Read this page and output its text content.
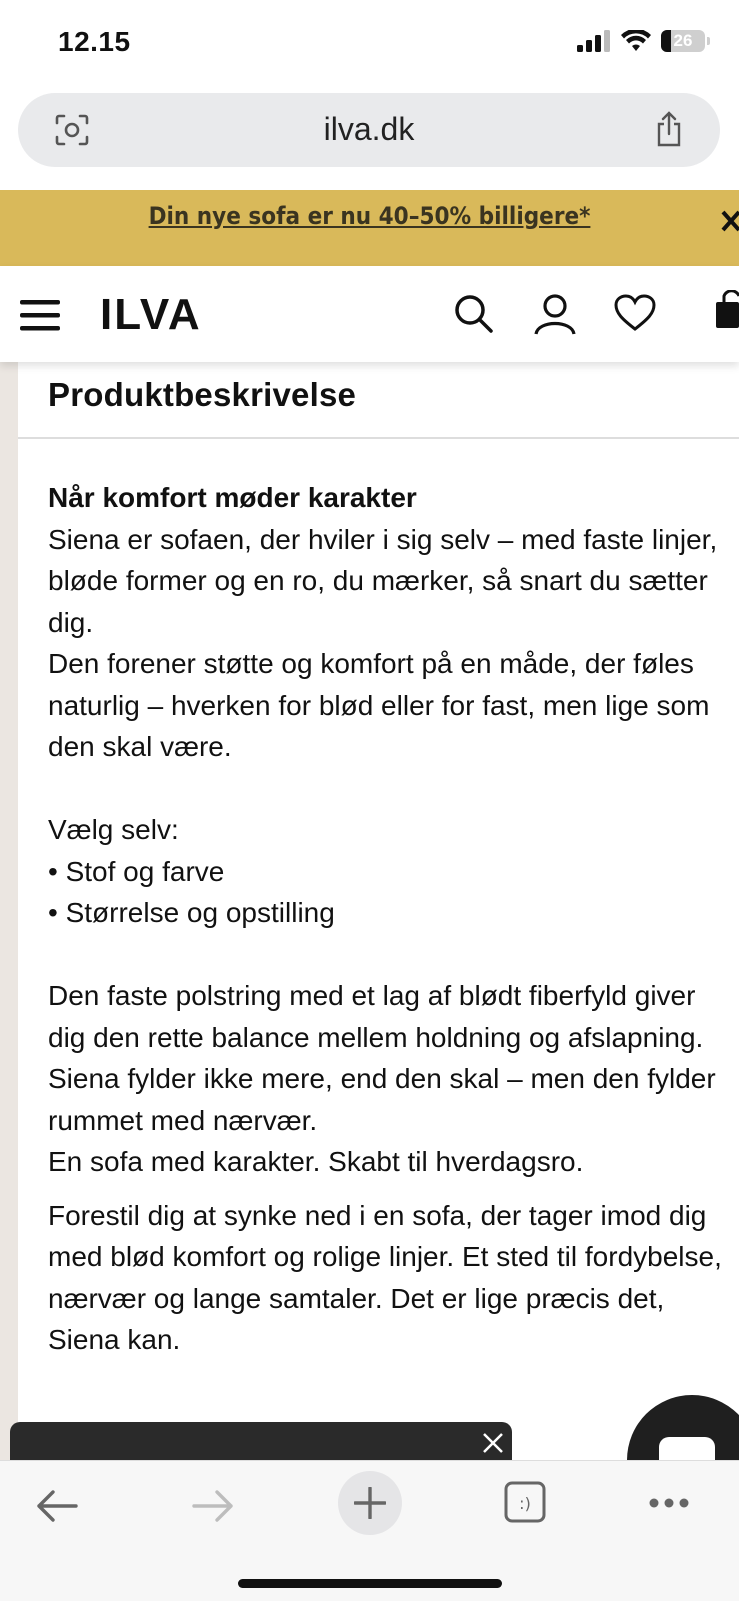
12.15	26
ilva.dk
Din nye sofa er nu 40–50% billigere*
ILVA
Produktbeskrivelse

Når komfort møder karakter

Siena er sofaen, der hviler i sig selv – med faste linjer, bløde former og en ro, du mærker, så snart du sætter dig.

Den forener støtte og komfort på en måde, der føles naturlig – hverken for blød eller for fast, men lige som den skal være.

Vælg selv:

• Stof og farve

• Størrelse og opstilling

Den faste polstring med et lag af blødt fiberfyld giver dig den rette balance mellem holdning og afslapning.

Siena fylder ikke mere, end den skal – men den fylder rummet med nærvær.

En sofa med karakter. Skabt til hverdagsro.

Forestil dig at synke ned i en sofa, der tager imod dig med blød komfort og rolige linjer. Et sted til fordybelse, nærvær og lange samtaler. Det er lige præcis det, Siena kan.

:)
